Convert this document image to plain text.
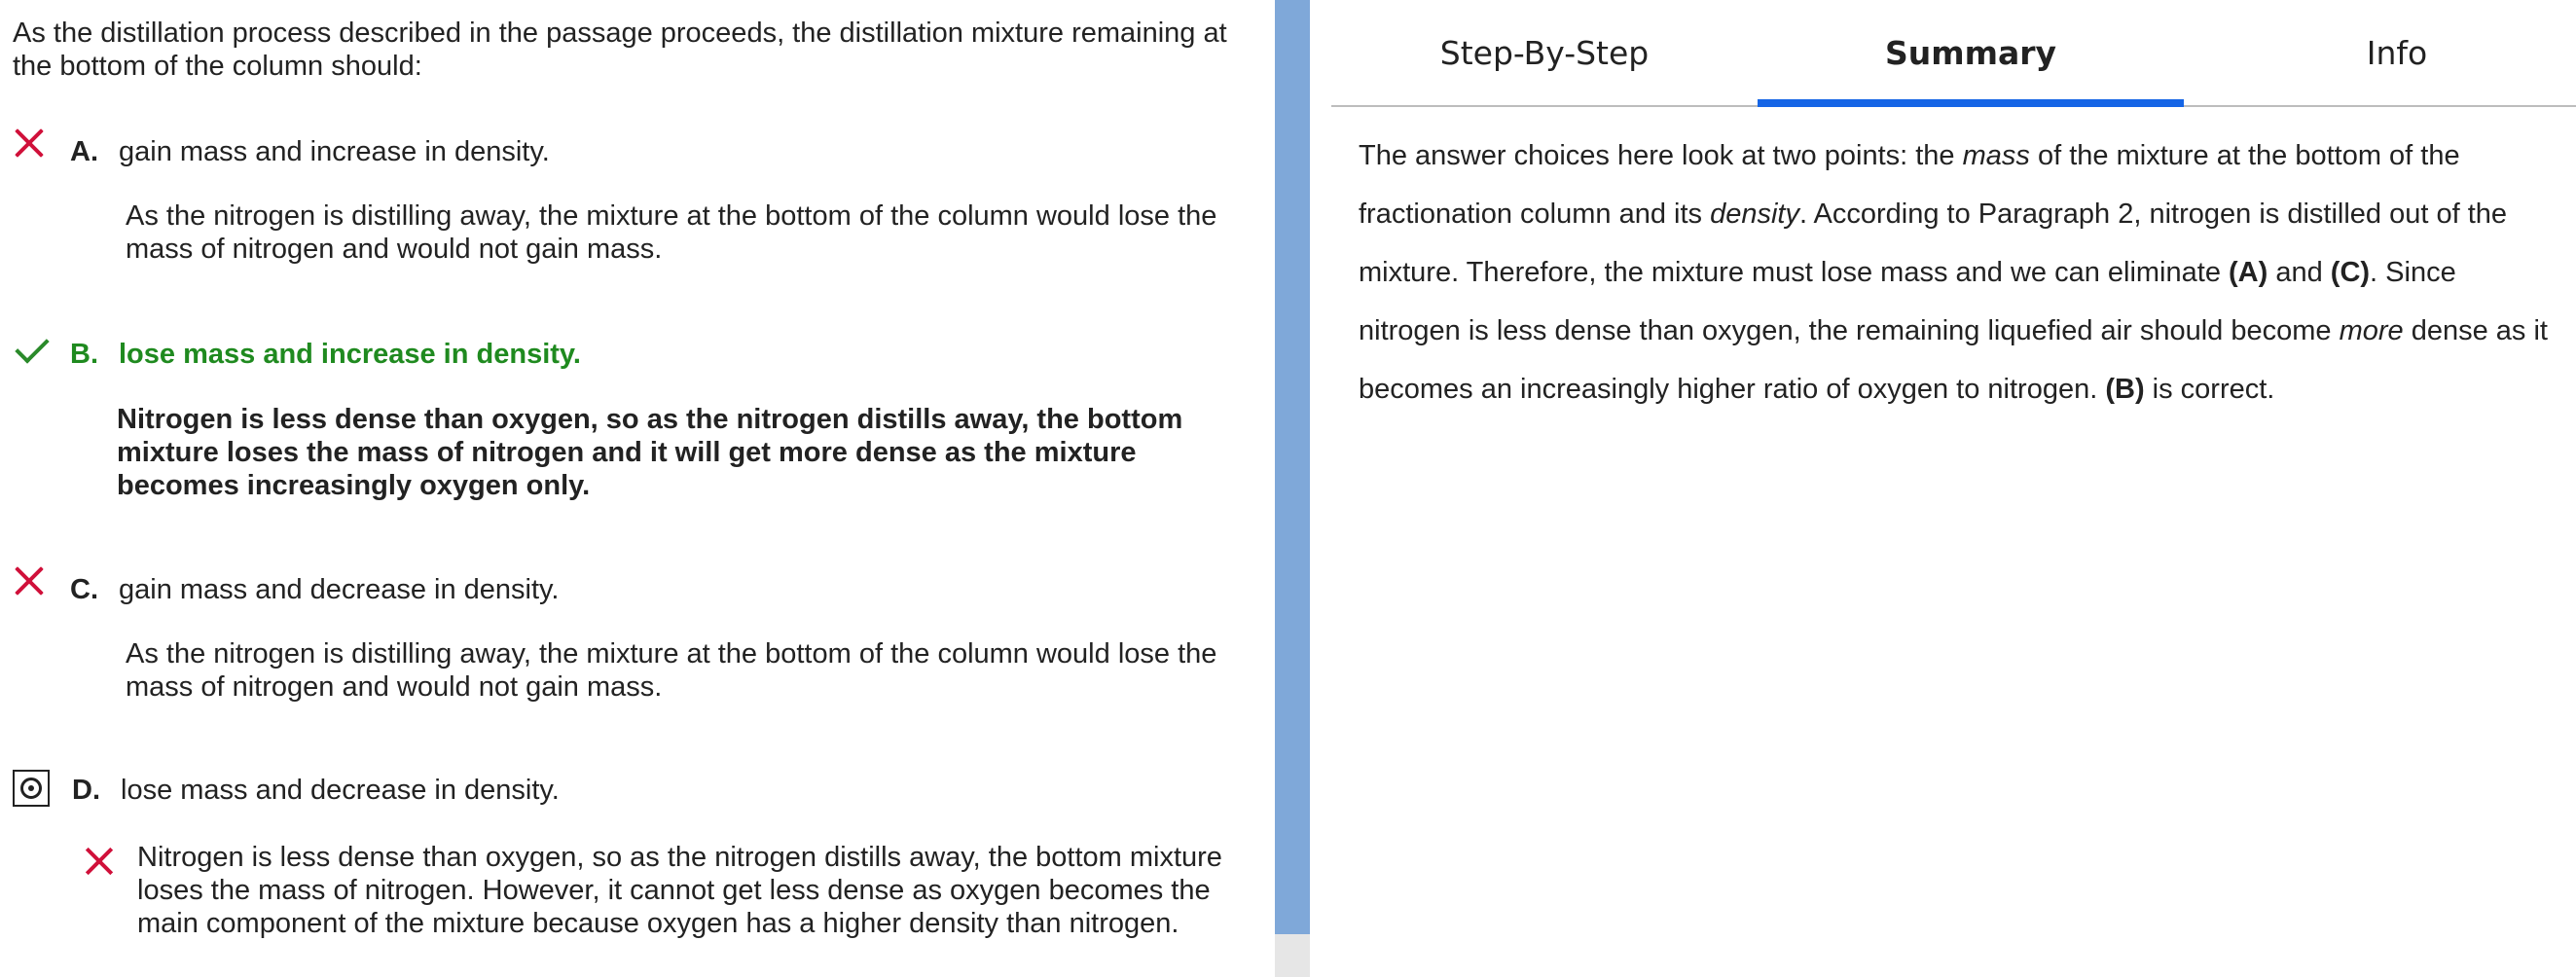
As the distillation process described in the passage proceeds, the distillation mixture remaining at the bottom of the column should:
A. gain mass and increase in density.
As the nitrogen is distilling away, the mixture at the bottom of the column would lose the mass of nitrogen and would not gain mass.
B. lose mass and increase in density.
Nitrogen is less dense than oxygen, so as the nitrogen distills away, the bottom mixture loses the mass of nitrogen and it will get more dense as the mixture becomes increasingly oxygen only.
C. gain mass and decrease in density.
As the nitrogen is distilling away, the mixture at the bottom of the column would lose the mass of nitrogen and would not gain mass.
D. lose mass and decrease in density.
Nitrogen is less dense than oxygen, so as the nitrogen distills away, the bottom mixture loses the mass of nitrogen. However, it cannot get less dense as oxygen becomes the main component of the mixture because oxygen has a higher density than nitrogen.
Step-By-Step	Summary	Info
The answer choices here look at two points: the mass of the mixture at the bottom of the fractionation column and its density. According to Paragraph 2, nitrogen is distilled out of the mixture. Therefore, the mixture must lose mass and we can eliminate (A) and (C). Since nitrogen is less dense than oxygen, the remaining liquefied air should become more dense as it becomes an increasingly higher ratio of oxygen to nitrogen. (B) is correct.
